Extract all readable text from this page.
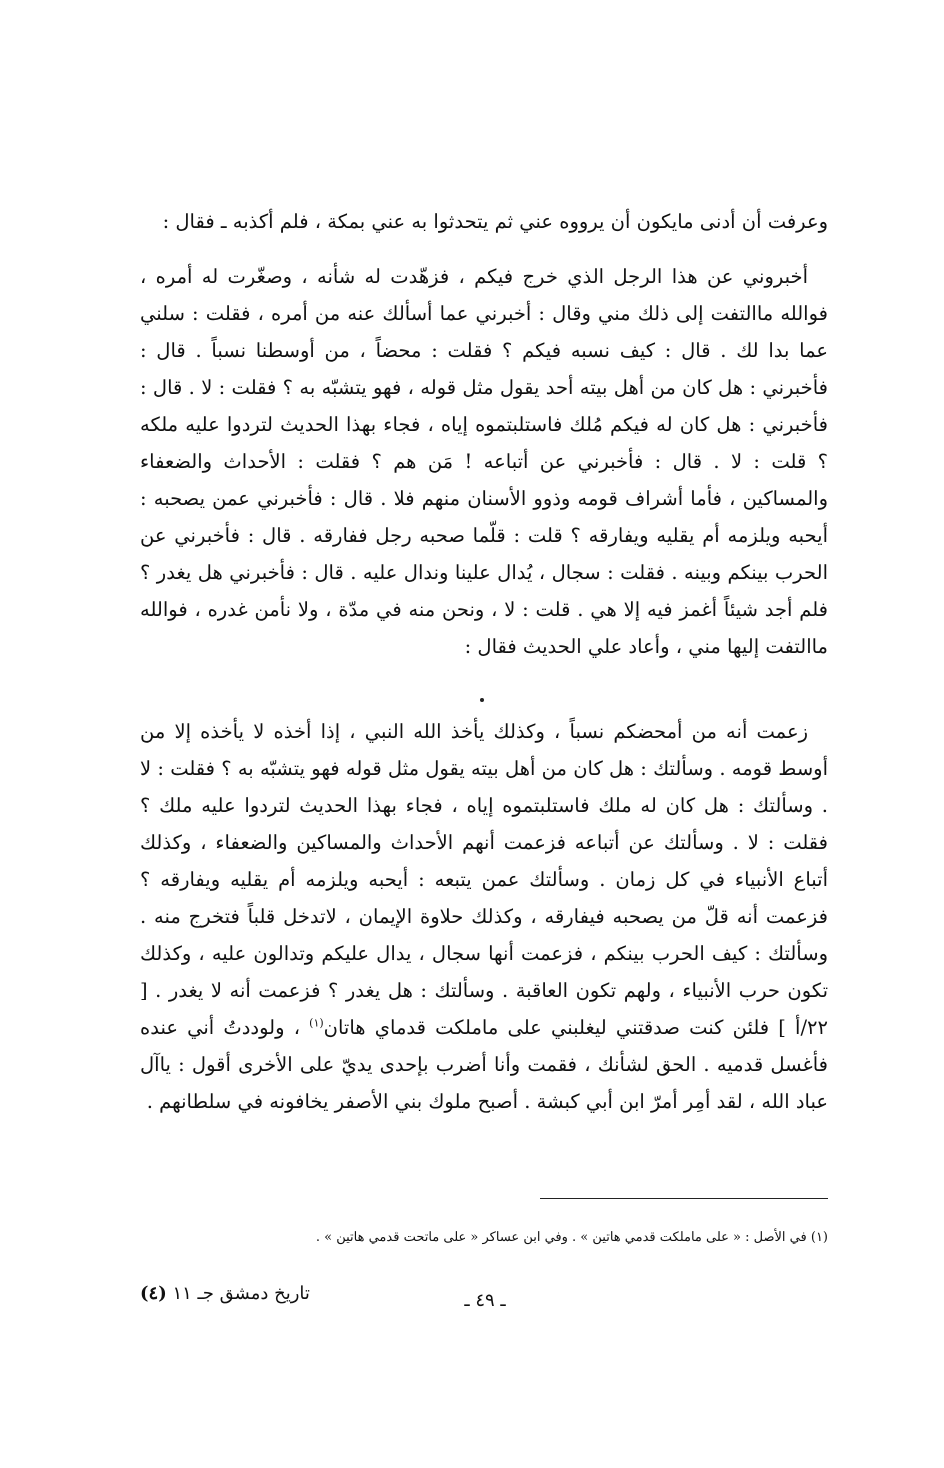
وعرفت أن أدنى مايكون أن يرووه عني ثم يتحدثوا به عني بمكة ، فلم أكذبه ـ فقال :

أخبروني عن هذا الرجل الذي خرج فيكم ، فزهّدت له شأنه ، وصغّرت له أمره ، فوالله ماالتفت إلى ذلك مني وقال : أخبرني عما أسألك عنه من أمره ، فقلت : سلني عما بدا لك . قال : كيف نسبه فيكم ؟ فقلت : محضاً ، من أوسطنا نسباً . قال : فأخبرني : هل كان من أهل بيته أحد يقول مثل قوله ، فهو يتشبّه به ؟ فقلت : لا . قال : فأخبرني : هل كان له فيكم مُلك فاستلبتموه إياه ، فجاء بهذا الحديث لتردوا عليه ملكه ؟ قلت : لا . قال : فأخبرني عن أتباعه ! مَن هم ؟ فقلت : الأحداث والضعفاء والمساكين ، فأما أشراف قومه وذوو الأسنان منهم فلا . قال : فأخبرني عمن يصحبه : أيحبه ويلزمه أم يقليه ويفارقه ؟ قلت : قلّما صحبه رجل ففارقه . قال : فأخبرني عن الحرب بينكم وبينه . فقلت : سجال ، يُدال علينا وندال عليه . قال : فأخبرني هل يغدر ؟ فلم أجد شيئاً أغمز فيه إلا هي . قلت : لا ، ونحن منه في مدّة ، ولا نأمن غدره ، فوالله ماالتفت إليها مني ، وأعاد علي الحديث فقال :

زعمت أنه من أمحضكم نسباً ، وكذلك يأخذ الله النبي ، إذا أخذه لا يأخذه إلا من أوسط قومه . وسألتك : هل كان من أهل بيته يقول مثل قوله فهو يتشبّه به ؟ فقلت : لا . وسألتك : هل كان له ملك فاستلبتموه إياه ، فجاء بهذا الحديث لتردوا عليه ملك ؟ فقلت : لا . وسألتك عن أتباعه فزعمت أنهم الأحداث والمساكين والضعفاء ، وكذلك أتباع الأنبياء في كل زمان . وسألتك عمن يتبعه : أيحبه ويلزمه أم يقليه ويفارقه ؟ فزعمت أنه قلّ من يصحبه فيفارقه ، وكذلك حلاوة الإيمان ، لاتدخل قلباً فتخرج منه . وسألتك : كيف الحرب بينكم ، فزعمت أنها سجال ، يدال عليكم وتدالون عليه ، وكذلك تكون حرب الأنبياء ، ولهم تكون العاقبة . وسألتك : هل يغدر ؟ فزعمت أنه لا يغدر . [ ٢٢/أ ] فلئن كنت صدقتني ليغلبني على ماملكت قدماي هاتان$^{(١)}$ ، ولوددتُ أني عنده فأغسل قدميه . الحق لشأنك ، فقمت وأنا أضرب بإحدى يديّ على الأخرى أقول : ياآل عباد الله ، لقد أمِر أمرّ ابن أبي كبشة . أصبح ملوك بني الأصفر يخافونه في سلطانهم .

(١) في الأصل : « على ماملكت قدمي هاتين » . وفي ابن عساكر « على ماتحت قدمي هاتين » .

ـ ٤٩ ـ
تاريخ دمشق جـ ١١ (٤)
